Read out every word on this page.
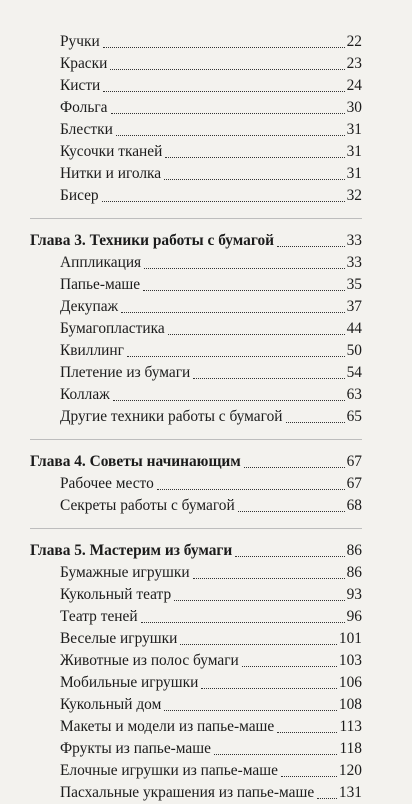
Ручки	22
Краски	23
Кисти	24
Фольга	30
Блестки	31
Кусочки тканей	31
Нитки и иголка	31
Бисер	32
Глава 3. Техники работы с бумагой	33
Аппликация	33
Папье-маше	35
Декупаж	37
Бумагопластика	44
Квиллинг	50
Плетение из бумаги	54
Коллаж	63
Другие техники работы с бумагой	65
Глава 4. Советы начинающим	67
Рабочее место	67
Секреты работы с бумагой	68
Глава 5. Мастерим из бумаги	86
Бумажные игрушки	86
Кукольный театр	93
Театр теней	96
Веселые игрушки	101
Животные из полос бумаги	103
Мобильные игрушки	106
Кукольный дом	108
Макеты и модели из папье-маше	113
Фрукты из папье-маше	118
Елочные игрушки из папье-маше	120
Пасхальные украшения из папье-маше 131
